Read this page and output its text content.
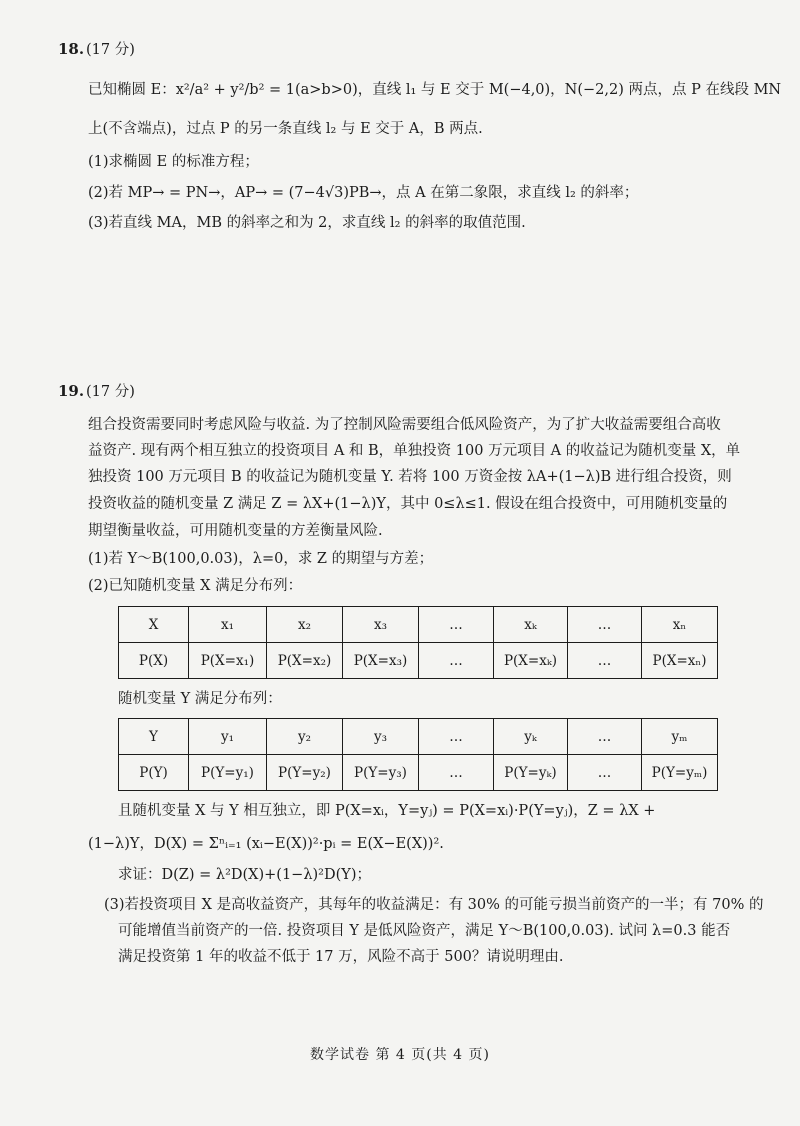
18. (17 分)
已知椭圆 E：x²/a² + y²/b² = 1(a>b>0)，直线 l₁ 与 E 交于 M(−4,0)，N(−2,2) 两点，点 P 在线段 MN
上(不含端点)，过点 P 的另一条直线 l₂ 与 E 交于 A，B 两点.
(1)求椭圆 E 的标准方程；
(2)若 MP→ = PN→，AP→ = (7−4√3)PB→，点 A 在第二象限，求直线 l₂ 的斜率；
(3)若直线 MA，MB 的斜率之和为 2，求直线 l₂ 的斜率的取值范围.
19. (17 分)
组合投资需要同时考虑风险与收益. 为了控制风险需要组合低风险资产，为了扩大收益需要组合高收
益资产. 现有两个相互独立的投资项目 A 和 B，单独投资 100 万元项目 A 的收益记为随机变量 X，单
独投资 100 万元项目 B 的收益记为随机变量 Y. 若将 100 万资金按 λA+(1−λ)B 进行组合投资，则
投资收益的随机变量 Z 满足 Z = λX+(1−λ)Y，其中 0≤λ≤1. 假设在组合投资中，可用随机变量的
期望衡量收益，可用随机变量的方差衡量风险.
(1)若 Y～B(100,0.03)，λ=0，求 Z 的期望与方差；
(2)已知随机变量 X 满足分布列：
X	x₁	x₂	x₃	…	xₖ	…	xₙ
P(X)	P(X=x₁)	P(X=x₂)	P(X=x₃)	…	P(X=xₖ)	…	P(X=xₙ)
随机变量 Y 满足分布列：
Y	y₁	y₂	y₃	…	yₖ	…	yₘ
P(Y)	P(Y=y₁)	P(Y=y₂)	P(Y=y₃)	…	P(Y=yₖ)	…	P(Y=yₘ)
且随机变量 X 与 Y 相互独立，即 P(X=xᵢ，Y=yⱼ) = P(X=xᵢ)·P(Y=yⱼ)，Z = λX +
(1−λ)Y，D(X) = Σⁿᵢ₌₁ (xᵢ−E(X))²·pᵢ = E(X−E(X))².
求证：D(Z) = λ²D(X)+(1−λ)²D(Y)；
(3)若投资项目 X 是高收益资产，其每年的收益满足：有 30% 的可能亏损当前资产的一半；有 70% 的
可能增值当前资产的一倍. 投资项目 Y 是低风险资产，满足 Y～B(100,0.03). 试问 λ=0.3 能否
满足投资第 1 年的收益不低于 17 万，风险不高于 500？请说明理由.
数学试卷 第 4 页(共 4 页)
